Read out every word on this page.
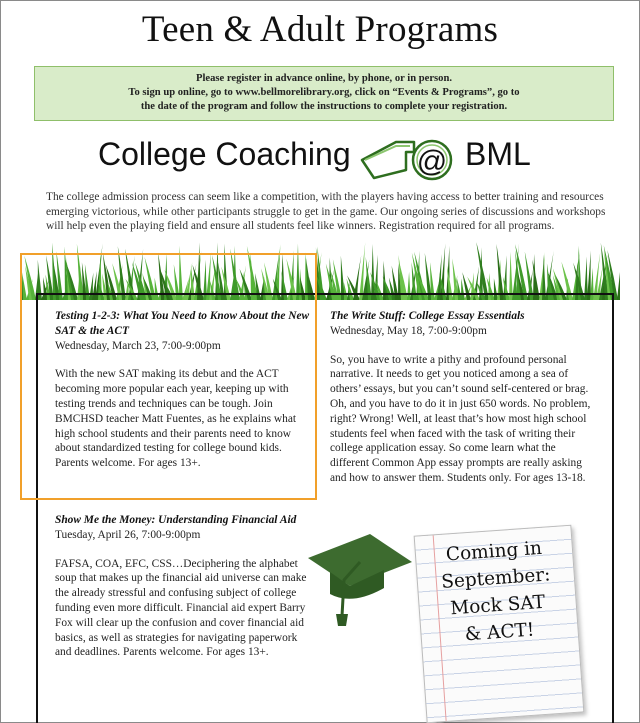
Teen & Adult Programs
Please register in advance online, by phone, or in person.
To sign up online, go to www.bellmorelibrary.org, click on “Events & Programs”, go to
the date of the program and follow the instructions to complete your registration.
College Coaching @ BML
The college admission process can seem like a competition, with the players having access to better training and resources emerging victorious, while other participants struggle to get in the game. Our ongoing series of discussions and workshops will help even the playing field and ensure all students feel like winners. Registration required for all programs.
Testing 1-2-3: What You Need to Know About the New SAT & the ACT
Wednesday, March 23, 7:00-9:00pm
With the new SAT making its debut and the ACT becoming more popular each year, keeping up with testing trends and techniques can be tough. Join BMCHSD teacher Matt Fuentes, as he explains what high school students and their parents need to know about standardized testing for college bound kids. Parents welcome. For ages 13+.
The Write Stuff: College Essay Essentials
Wednesday, May 18, 7:00-9:00pm
So, you have to write a pithy and profound personal narrative. It needs to get you noticed among a sea of others’ essays, but you can’t sound self-centered or brag. Oh, and you have to do it in just 650 words. No problem, right? Wrong! Well, at least that’s how most high school students feel when faced with the task of writing their college application essay. So come learn what the different Common App essay prompts are really asking and how to answer them. Students only. For ages 13-18.
Show Me the Money: Understanding Financial Aid
Tuesday, April 26, 7:00-9:00pm
FAFSA, COA, EFC, CSS…Deciphering the alphabet soup that makes up the financial aid universe can make the already stressful and confusing subject of college funding even more difficult. Financial aid expert Barry Fox will clear up the confusion and cover financial aid basics, as well as strategies for navigating paperwork and deadlines. Parents welcome. For ages 13+.
Coming in
September:
Mock SAT
& ACT!
